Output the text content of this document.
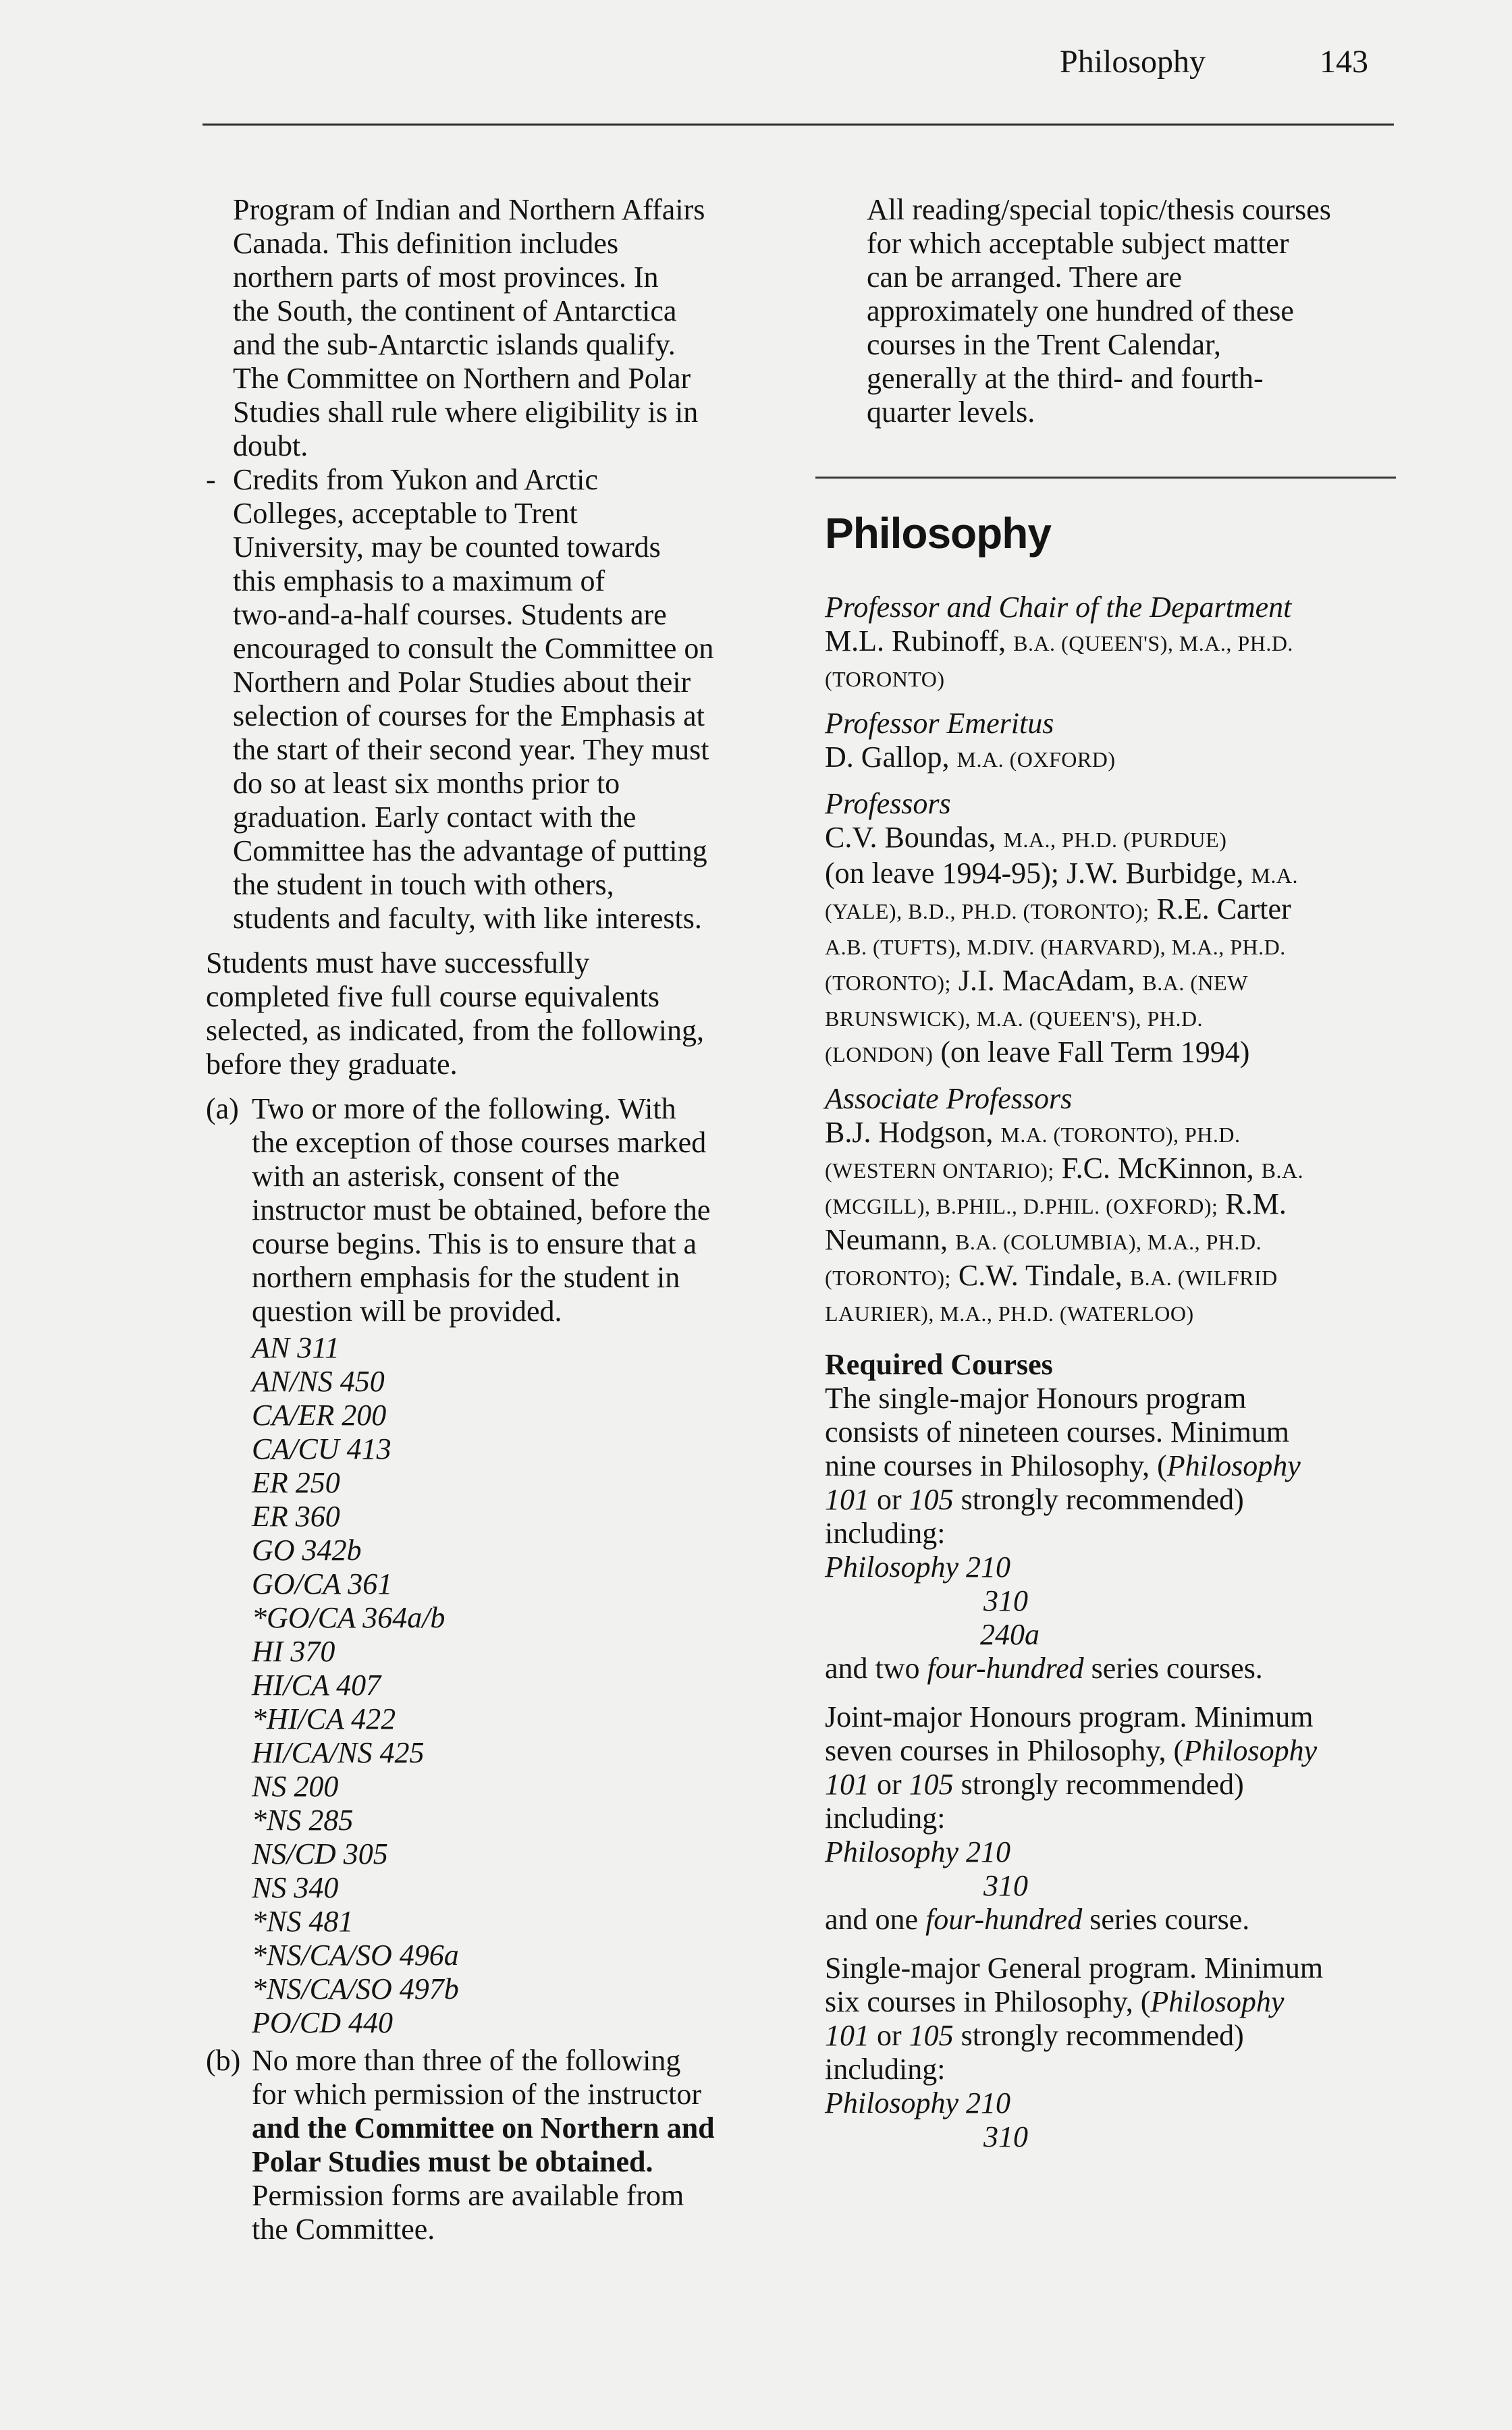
Philosophy	143

Program of Indian and Northern Affairs

Canada. This definition includes

northern parts of most provinces. In

the South, the continent of Antarctica

and the sub-Antarctic islands qualify.

The Committee on Northern and Polar

Studies shall rule where eligibility is in

doubt.

- Credits from Yukon and Arctic

Colleges, acceptable to Trent

University, may be counted towards

this emphasis to a maximum of

two-and-a-half courses. Students are

encouraged to consult the Committee on

Northern and Polar Studies about their

selection of courses for the Emphasis at

the start of their second year. They must

do so at least six months prior to

graduation. Early contact with the

Committee has the advantage of putting

the student in touch with others,

students and faculty, with like interests.

Students must have successfully

completed five full course equivalents

selected, as indicated, from the following,

before they graduate.

(a) Two or more of the following. With

the exception of those courses marked

with an asterisk, consent of the

instructor must be obtained, before the

course begins. This is to ensure that a

northern emphasis for the student in

question will be provided.

AN 311
AN/NS 450
CA/ER 200
CA/CU 413
ER 250
ER 360
GO 342b
GO/CA 361
*GO/CA 364a/b
HI 370
HI/CA 407
*HI/CA 422
HI/CA/NS 425
NS 200
*NS 285
NS/CD 305
NS 340
*NS 481
*NS/CA/SO 496a
*NS/CA/SO 497b
PO/CD 440
(b) No more than three of the following

for which permission of the instructor

and the Committee on Northern and

Polar Studies must be obtained.

Permission forms are available from

the Committee.

All reading/special topic/thesis courses

for which acceptable subject matter

can be arranged. There are

approximately one hundred of these

courses in the Trent Calendar,

generally at the third- and fourth-

quarter levels.

Philosophy

Professor and Chair of the Department

M.L. Rubinoff, B.A. (QUEEN'S), M.A., PH.D.

(TORONTO)

Professor Emeritus

D. Gallop, M.A. (OXFORD)

Professors

C.V. Boundas, M.A., PH.D. (PURDUE)

(on leave 1994-95); J.W. Burbidge, M.A.

(YALE), B.D., PH.D. (TORONTO); R.E. Carter

A.B. (TUFTS), M.DIV. (HARVARD), M.A., PH.D.

(TORONTO); J.I. MacAdam, B.A. (NEW

BRUNSWICK), M.A. (QUEEN'S), PH.D.

(LONDON) (on leave Fall Term 1994)

Associate Professors

B.J. Hodgson, M.A. (TORONTO), PH.D.

(WESTERN ONTARIO); F.C. McKinnon, B.A.

(MCGILL), B.PHIL., D.PHIL. (OXFORD); R.M.

Neumann, B.A. (COLUMBIA), M.A., PH.D.

(TORONTO); C.W. Tindale, B.A. (WILFRID

LAURIER), M.A., PH.D. (WATERLOO)

Required Courses

The single-major Honours program

consists of nineteen courses. Minimum

nine courses in Philosophy, (Philosophy

101 or 105 strongly recommended)

including:

Philosophy 210

310

240a

and two four-hundred series courses.

Joint-major Honours program. Minimum

seven courses in Philosophy, (Philosophy

101 or 105 strongly recommended)

including:

Philosophy 210

310

and one four-hundred series course.

Single-major General program. Minimum

six courses in Philosophy, (Philosophy

101 or 105 strongly recommended)

including:

Philosophy 210

310
